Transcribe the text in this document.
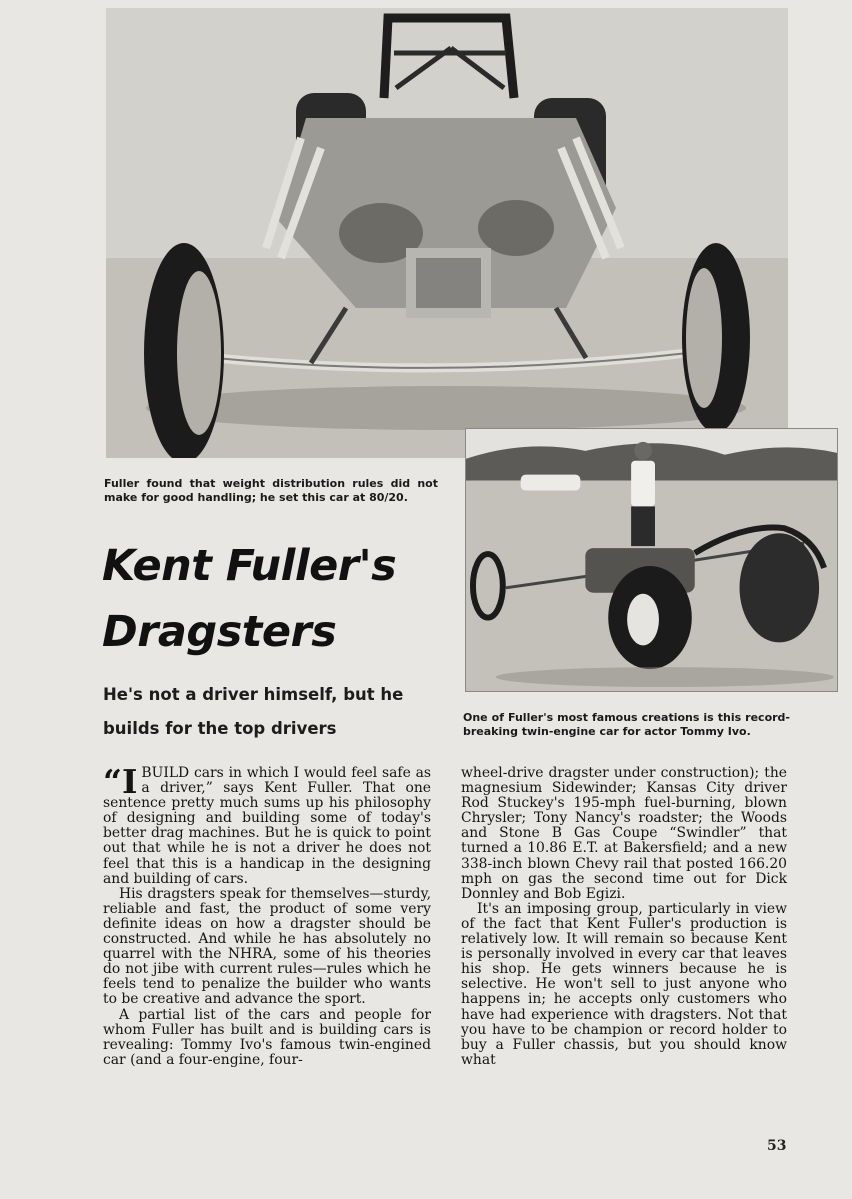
Fuller found that weight distribution rules did not make for good handling; he set this car at 80/20.
Kent Fuller's Dragsters
He's not a driver himself, but he builds for the top drivers
One of Fuller's most famous creations is this record-breaking twin-engine car for actor Tommy Ivo.

“IBUILD cars in which I would feel safe as a driver,” says Kent Fuller. That one sentence pretty much sums up his philosophy of designing and building some of today's better drag machines. But he is quick to point out that while he is not a driver he does not feel that this is a handicap in the designing and building of cars.

His dragsters speak for themselves—sturdy, reliable and fast, the product of some very definite ideas on how a dragster should be constructed. And while he has absolutely no quarrel with the NHRA, some of his theories do not jibe with current rules—rules which he feels tend to penalize the builder who wants to be creative and advance the sport.

A partial list of the cars and people for whom Fuller has built and is building cars is revealing: Tommy Ivo's famous twin-engined car (and a four-engine, four-

wheel-drive dragster under construction); the magnesium Sidewinder; Kansas City driver Rod Stuckey's 195-mph fuel-burning, blown Chrysler; Tony Nancy's roadster; the Woods and Stone B Gas Coupe “Swindler” that turned a 10.86 E.T. at Bakersfield; and a new 338-inch blown Chevy rail that posted 166.20 mph on gas the second time out for Dick Donnley and Bob Egizi.

It's an imposing group, particularly in view of the fact that Kent Fuller's production is relatively low. It will remain so because Kent is personally involved in every car that leaves his shop. He gets winners because he is selective. He won't sell to just anyone who happens in; he accepts only customers who have had experience with dragsters. Not that you have to be champion or record holder to buy a Fuller chassis, but you should know what

53
